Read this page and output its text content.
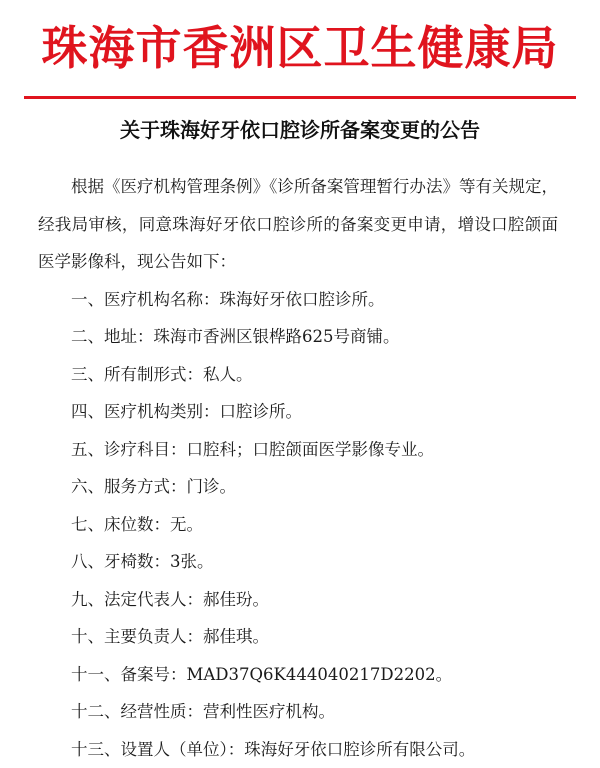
珠海市香洲区卫生健康局
关于珠海好牙依口腔诊所备案变更的公告

根据《医疗机构管理条例》《诊所备案管理暂行办法》等有关规定，经我局审核，同意珠海好牙依口腔诊所的备案变更申请，增设口腔颌面医学影像科，现公告如下：

一、医疗机构名称：珠海好牙依口腔诊所。
二、地址：珠海市香洲区银桦路625号商铺。
三、所有制形式：私人。
四、医疗机构类别：口腔诊所。
五、诊疗科目：口腔科；口腔颌面医学影像专业。
六、服务方式：门诊。
七、床位数：无。
八、牙椅数：3张。
九、法定代表人：郝佳玢。
十、主要负责人：郝佳琪。
十一、备案号：MAD37Q6K444040217D2202。
十二、经营性质：营利性医疗机构。
十三、设置人（单位）：珠海好牙依口腔诊所有限公司。
